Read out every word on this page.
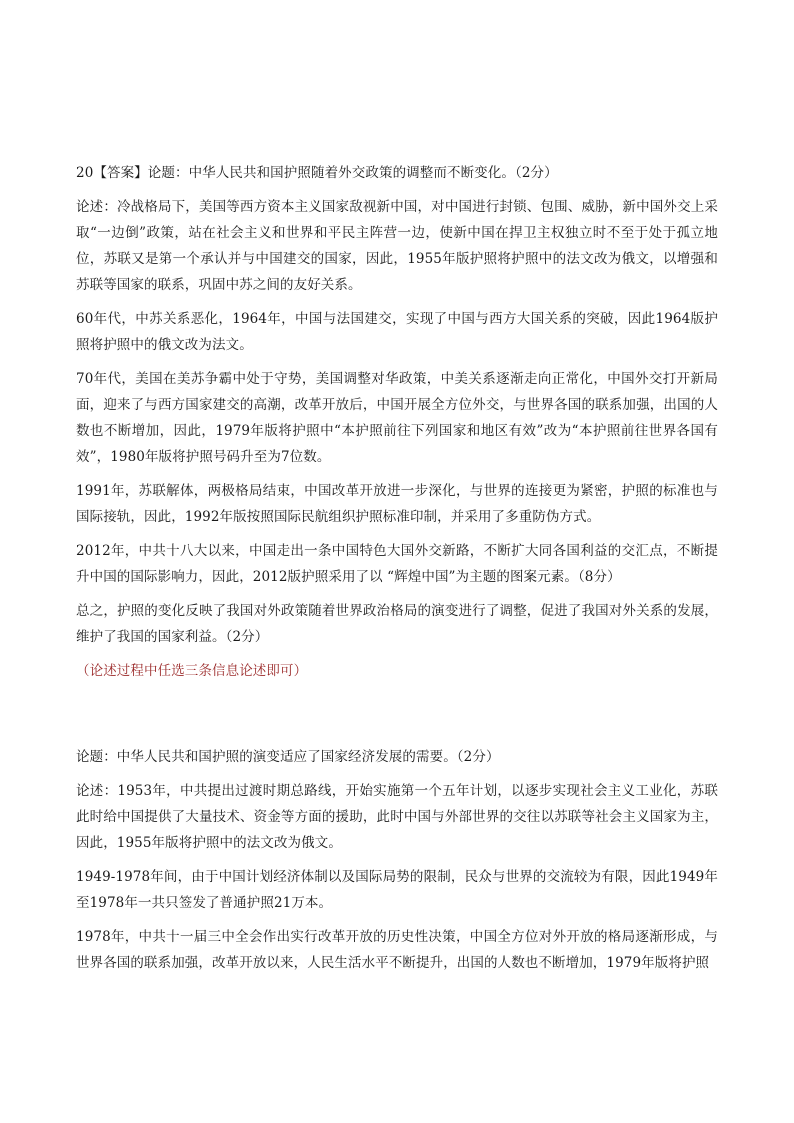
20【答案】论题：中华人民共和国护照随着外交政策的调整而不断变化。（2分）

论述：冷战格局下，美国等西方资本主义国家敌视新中国，对中国进行封锁、包围、威胁，新中国外交上采取“一边倒”政策，站在社会主义和世界和平民主阵营一边，使新中国在捍卫主权独立时不至于处于孤立地位，苏联又是第一个承认并与中国建交的国家，因此，1955年版护照将护照中的法文改为俄文，以增强和苏联等国家的联系，巩固中苏之间的友好关系。

60年代，中苏关系恶化，1964年，中国与法国建交，实现了中国与西方大国关系的突破，因此1964版护照将护照中的俄文改为法文。

70年代，美国在美苏争霸中处于守势，美国调整对华政策，中美关系逐渐走向正常化，中国外交打开新局面，迎来了与西方国家建交的高潮，改革开放后，中国开展全方位外交，与世界各国的联系加强，出国的人数也不断增加，因此，1979年版将护照中“本护照前往下列国家和地区有效”改为“本护照前往世界各国有效”，1980年版将护照号码升至为7位数。

1991年，苏联解体，两极格局结束，中国改革开放进一步深化，与世界的连接更为紧密，护照的标准也与国际接轨，因此，1992年版按照国际民航组织护照标准印制，并采用了多重防伪方式。

2012年，中共十八大以来，中国走出一条中国特色大国外交新路，不断扩大同各国利益的交汇点，不断提升中国的国际影响力，因此，2012版护照采用了以 “辉煌中国”为主题的图案元素。（8分）

总之，护照的变化反映了我国对外政策随着世界政治格局的演变进行了调整，促进了我国对外关系的发展，维护了我国的国家利益。（2分）

（论述过程中任选三条信息论述即可）

论题：中华人民共和国护照的演变适应了国家经济发展的需要。（2分）

论述：1953年，中共提出过渡时期总路线，开始实施第一个五年计划，以逐步实现社会主义工业化，苏联此时给中国提供了大量技术、资金等方面的援助，此时中国与外部世界的交往以苏联等社会主义国家为主，因此，1955年版将护照中的法文改为俄文。

1949-1978年间，由于中国计划经济体制以及国际局势的限制，民众与世界的交流较为有限，因此1949年至1978年一共只签发了普通护照21万本。

1978年，中共十一届三中全会作出实行改革开放的历史性决策，中国全方位对外开放的格局逐渐形成，与世界各国的联系加强，改革开放以来，人民生活水平不断提升，出国的人数也不断增加，1979年版将护照
